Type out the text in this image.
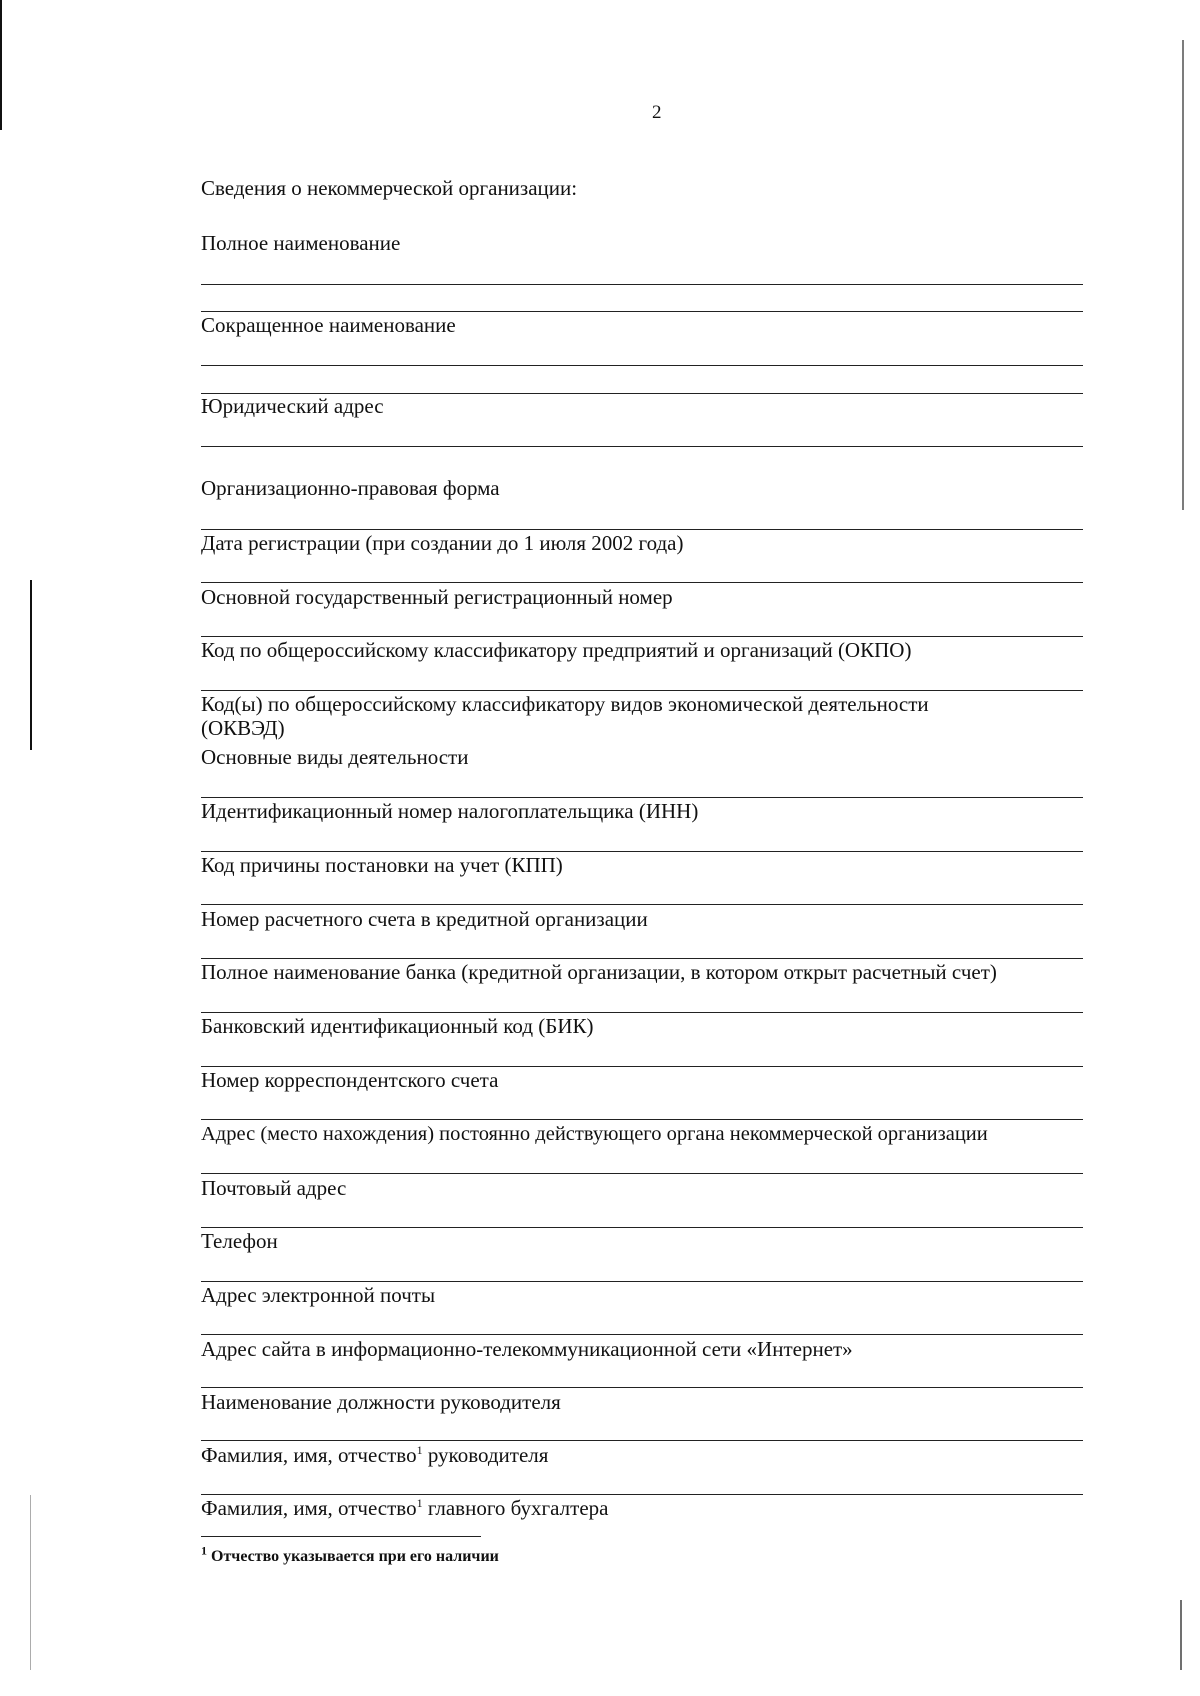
2
Сведения о некоммерческой организации:
Полное наименование
Сокращенное наименование
Юридический адрес
Организационно-правовая форма
Дата регистрации (при создании до 1 июля 2002 года)
Основной государственный регистрационный номер
Код по общероссийскому классификатору предприятий и организаций (ОКПО)
Код(ы) по общероссийскому классификатору видов экономической деятельности
(ОКВЭД)
Основные виды деятельности
Идентификационный номер налогоплательщика (ИНН)
Код причины постановки на учет (КПП)
Номер расчетного счета в кредитной организации
Полное наименование банка (кредитной организации, в котором открыт расчетный счет)
Банковский идентификационный код (БИК)
Номер корреспондентского счета
Адрес (место нахождения) постоянно действующего органа некоммерческой организации
Почтовый адрес
Телефон
Адрес электронной почты
Адрес сайта в информационно-телекоммуникационной сети «Интернет»
Наименование должности руководителя
Фамилия, имя, отчество$^1$ руководителя
Фамилия, имя, отчество$^1$ главного бухгалтера
$^1$ Отчество указывается при его наличии
